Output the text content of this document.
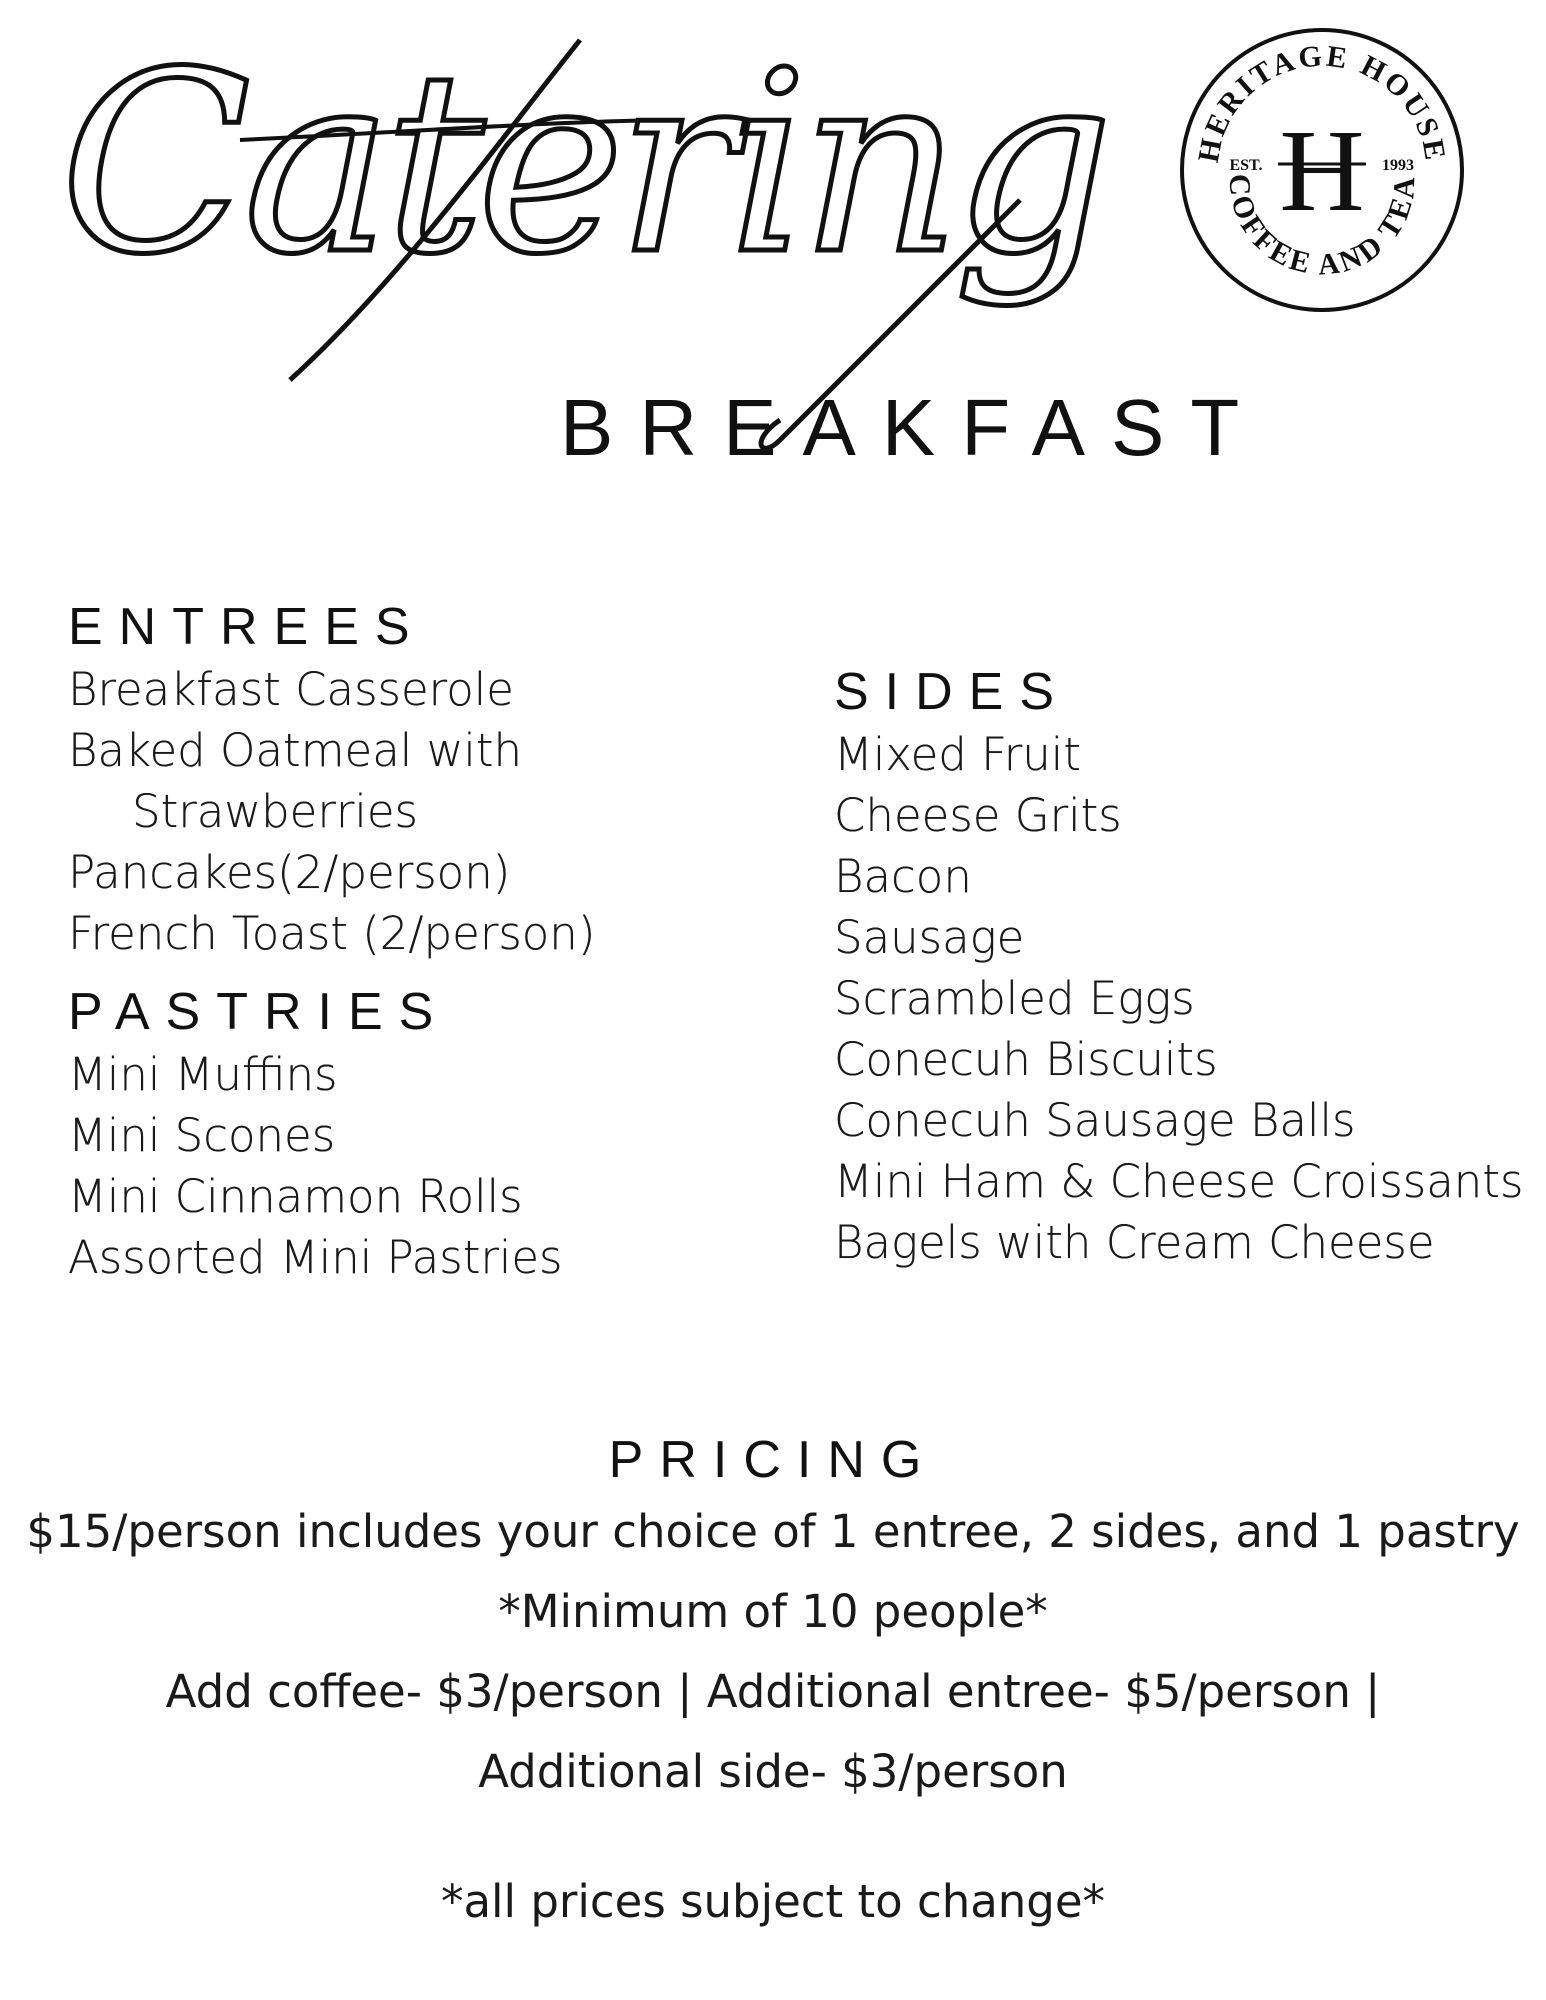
Catering
BREAKFAST
HERITAGE HOUSE
COFFEE AND TEA
H
EST.	1993
ENTREES

Breakfast Casserole

Baked Oatmeal with

Strawberries

Pancakes(2/person)

French Toast (2/person)

PASTRIES

Mini Muffins

Mini Scones

Mini Cinnamon Rolls

Assorted Mini Pastries

SIDES

Mixed Fruit

Cheese Grits

Bacon

Sausage

Scrambled Eggs

Conecuh Biscuits

Conecuh Sausage Balls

Mini Ham & Cheese Croissants

Bagels with Cream Cheese

PRICING

$15/person includes your choice of 1 entree, 2 sides, and 1 pastry

*Minimum of 10 people*

Add coffee- $3/person | Additional entree- $5/person |

Additional side- $3/person

*all prices subject to change*
